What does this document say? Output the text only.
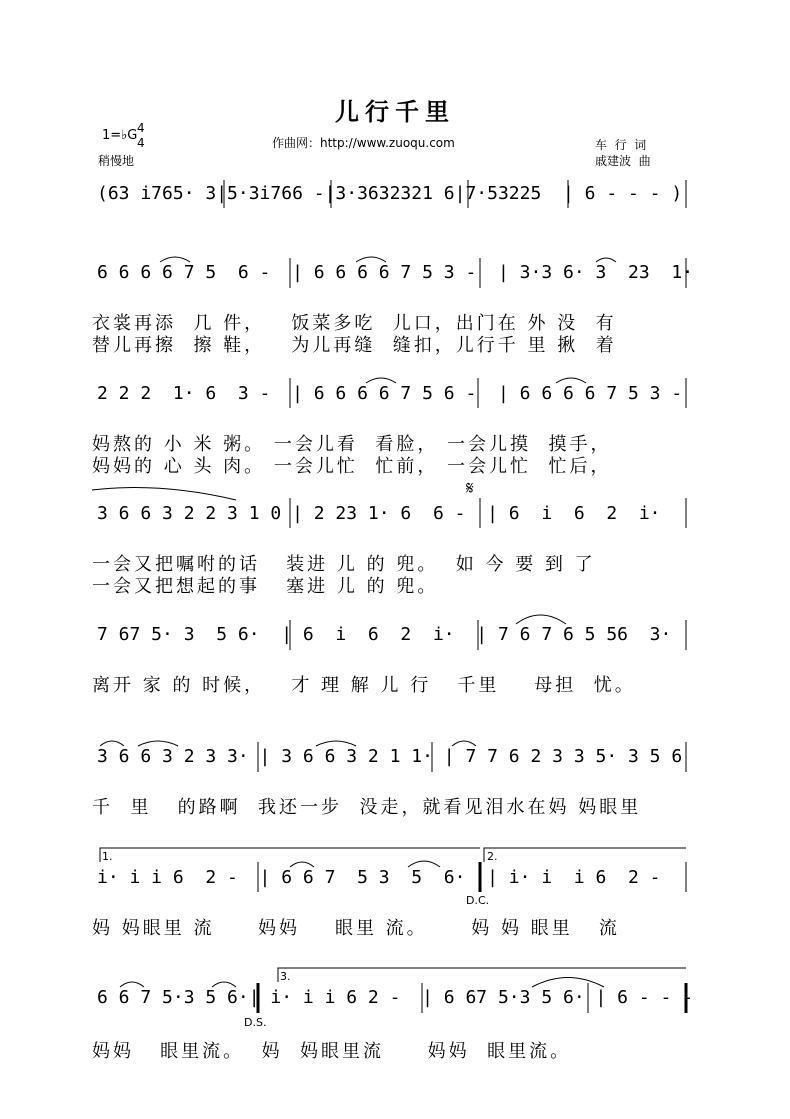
儿行千里
1=♭G 4
4
稍慢地
作曲网：http://www.zuoqu.com	车  行  词
戚建波  曲
(63 i765· 3|5·3i766 -|3·3632321 6|7·53225  | 6 - - - )
6 6 6 6 7 5  6 -  | 6 6 6 6 7 5 3 -  | 3·3 6· 3  23  1·
衣裳再添  几 件，   饭菜多吃  儿口，出门在 外 没  有
替儿再擦  擦 鞋，   为儿再缝  缝扣，儿行千 里 揪  着
2 2 2  1· 6  3 -  | 6 6 6 6 7 5 6 -  | 6 6 6 6 7 5 3 -
妈熬的 小 米 粥。 一会儿看  看脸， 一会儿摸  摸手，
妈妈的 心 头 肉。 一会儿忙  忙前， 一会儿忙  忙后，
3 6 6 3 2 2 3 1 0 | 2 23 1· 6  6 -  | 6  i  6  2  i·
一会又把嘱咐的话   装进 儿 的 兜。  如 今 要 到 了
一会又把想起的事   塞进 儿 的 兜。
𝄋
7 67 5· 3  5 6·  | 6  i  6  2  i·  | 7 6 7 6 5 56  3·
离开 家 的 时候，   才 理 解 儿 行   千里    母担  忧。
3 6 6 3 2 3 3· | 3 6 6 3 2 1 1· | 7 7 6 2 3 3 5· 3 5 6
千  里   的路啊  我还一步  没走，就看见泪水在妈 妈眼里
1.	2.
i· i i 6  2 -  | 6 6 7  5 3  5  6·  | i· i  i 6  2 -
D.C.
妈 妈眼里 流     妈妈    眼里 流。     妈 妈 眼里   流
3.
6 6 7 5·3 5 6·| i· i i 6 2 -  | 6 67 5·3 5 6· | 6 - - -
D.S.
妈妈   眼里流。  妈  妈眼里流     妈妈  眼里流。
